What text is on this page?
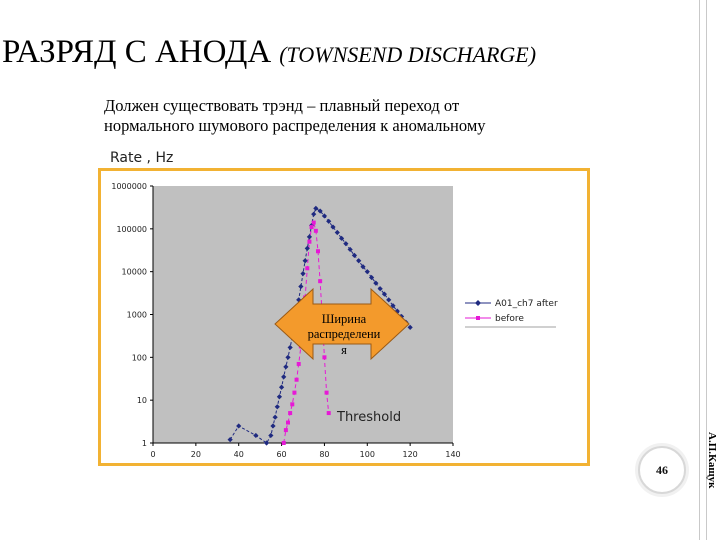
РАЗРЯД С АНОДА (TOWNSEND DISCHARGE)
Должен существовать трэнд – плавный переход от
нормального шумового распределения к аномальному
Rate , Hz
1
10
100
1000
10000
100000
1000000
0	20	40	60	80	100	120	140
Ширина
распределени
я
Threshold
A01_ch7 after
before
А.П.Кащук
46
